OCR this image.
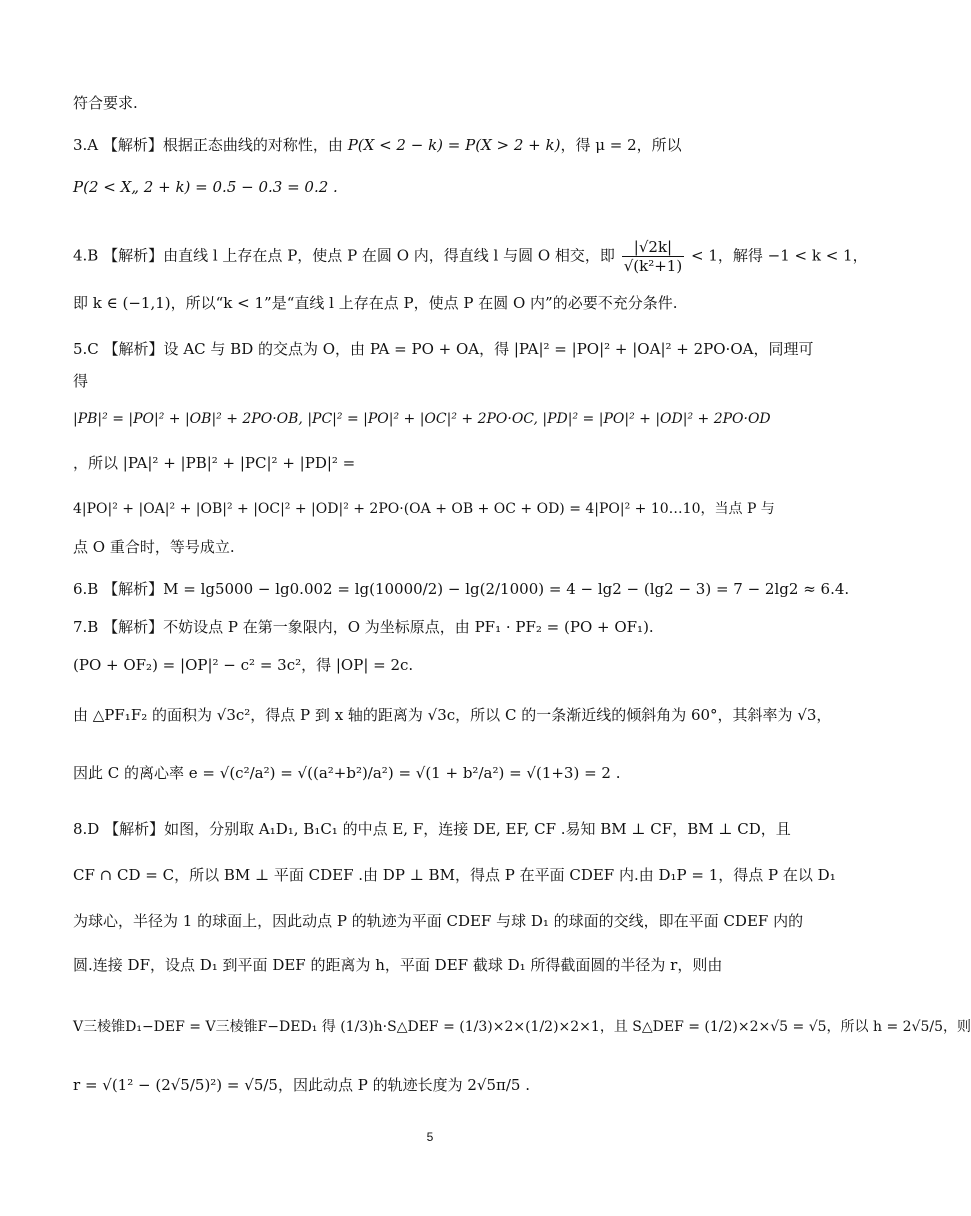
符合要求.
3.A 【解析】根据正态曲线的对称性，由 P(X < 2 − k) = P(X > 2 + k)，得 μ = 2，所以
P(2 < X„ 2 + k) = 0.5 − 0.3 = 0.2 .
4.B 【解析】由直线 l 上存在点 P，使点 P 在圆 O 内，得直线 l 与圆 O 相交，即 $\frac{|√2k|}{\text{√(k²+1)}} < 1$，解得 −1 < k < 1，
即 k ∈ (−1,1)，所以“k < 1”是“直线 l 上存在点 P，使点 P 在圆 O 内”的必要不充分条件.
5.C 【解析】设 AC 与 BD 的交点为 O，由 PA = PO + OA，得 |PA|² = |PO|² + |OA|² + 2PO·OA，同理可
得
|PB|² = |PO|² + |OB|² + 2PO·OB, |PC|² = |PO|² + |OC|² + 2PO·OC, |PD|² = |PO|² + |OD|² + 2PO·OD
，所以 |PA|² + |PB|² + |PC|² + |PD|² =
4|PO|² + |OA|² + |OB|² + |OC|² + |OD|² + 2PO·(OA + OB + OC + OD) = 4|PO|² + 10…10，当点 P 与
点 O 重合时，等号成立.
6.B 【解析】M = lg5000 − lg0.002 = lg(10000/2) − lg(2/1000) = 4 − lg2 − (lg2 − 3) = 7 − 2lg2 ≈ 6.4.
7.B 【解析】不妨设点 P 在第一象限内，O 为坐标原点，由 PF₁ · PF₂ = (PO + OF₁).
(PO + OF₂) = |OP|² − c² = 3c²，得 |OP| = 2c.
由 △PF₁F₂ 的面积为 √3c²，得点 P 到 x 轴的距离为 √3c，所以 C 的一条渐近线的倾斜角为 60°，其斜率为 √3，
因此 C 的离心率 e = √(c²/a²) = √((a²+b²)/a²) = √(1 + b²/a²) = √(1+3) = 2 .
8.D 【解析】如图，分别取 A₁D₁, B₁C₁ 的中点 E, F，连接 DE, EF, CF .易知 BM ⊥ CF，BM ⊥ CD，且
CF ∩ CD = C，所以 BM ⊥ 平面 CDEF .由 DP ⊥ BM，得点 P 在平面 CDEF 内.由 D₁P = 1，得点 P 在以 D₁
为球心，半径为 1 的球面上，因此动点 P 的轨迹为平面 CDEF 与球 D₁ 的球面的交线，即在平面 CDEF 内的
圆.连接 DF，设点 D₁ 到平面 DEF 的距离为 h，平面 DEF 截球 D₁ 所得截面圆的半径为 r，则由
V三棱锥D₁−DEF = V三棱锥F−DED₁ 得 (1/3)h·S△DEF = (1/3)×2×(1/2)×2×1，且 S△DEF = (1/2)×2×√5 = √5，所以 h = 2√5/5，则
r = √(1² − (2√5/5)²) = √5/5，因此动点 P 的轨迹长度为 2√5π/5 .
5
